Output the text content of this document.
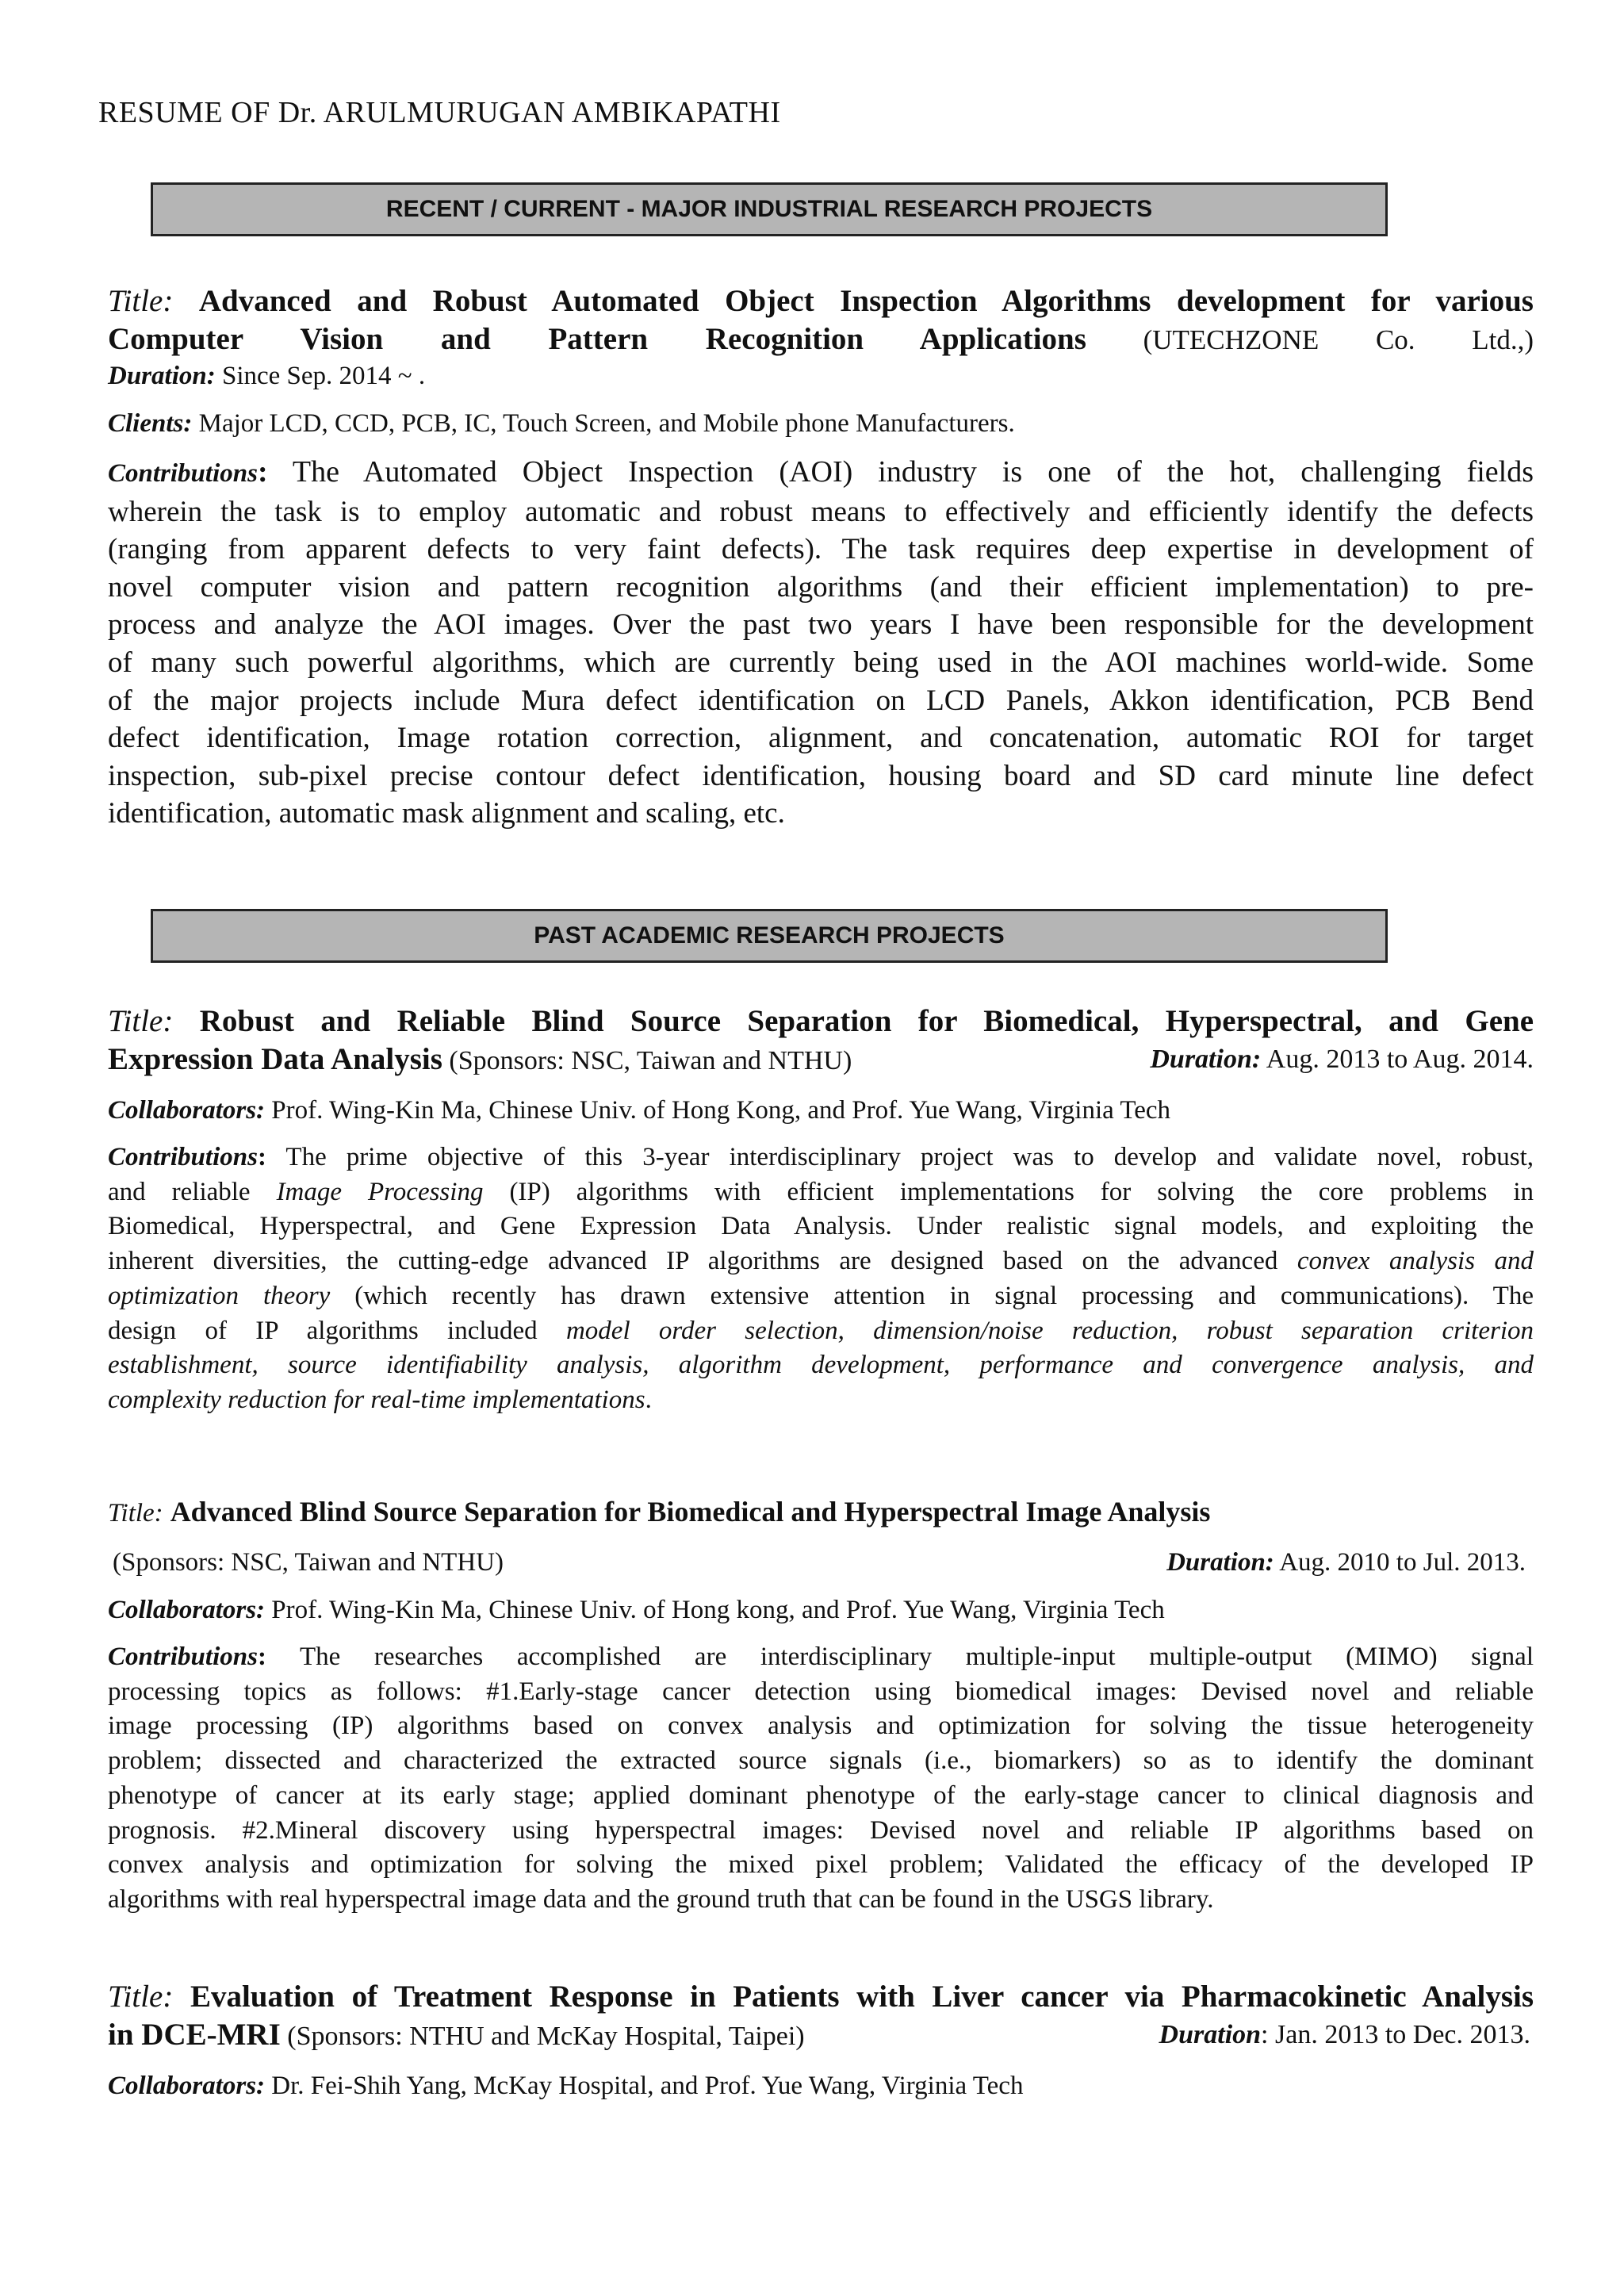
RESUME OF Dr. ARULMURUGAN AMBIKAPATHI
RECENT / CURRENT - MAJOR INDUSTRIAL RESEARCH PROJECTS

Title: Advanced and Robust Automated Object Inspection Algorithms development for various

Computer Vision and Pattern Recognition Applications (UTECHZONE Co. Ltd.,)

Duration: Since Sep. 2014 ~ .

Clients: Major LCD, CCD, PCB, IC, Touch Screen, and Mobile phone Manufacturers.

Contributions: The Automated Object Inspection (AOI) industry is one of the hot, challenging fields

wherein the task is to employ automatic and robust means to effectively and efficiently identify the defects

(ranging from apparent defects to very faint defects). The task requires deep expertise in development of

novel computer vision and pattern recognition algorithms (and their efficient implementation) to pre-

process and analyze the AOI images. Over the past two years I have been responsible for the development

of many such powerful algorithms, which are currently being used in the AOI machines world-wide. Some

of the major projects include Mura defect identification on LCD Panels, Akkon identification, PCB Bend

defect identification, Image rotation correction, alignment, and concatenation, automatic ROI for target

inspection, sub-pixel precise contour defect identification, housing board and SD card minute line defect

identification, automatic mask alignment and scaling, etc.

PAST ACADEMIC RESEARCH PROJECTS

Title: Robust and Reliable Blind Source Separation for Biomedical, Hyperspectral, and Gene

Expression Data Analysis (Sponsors: NSC, Taiwan and NTHU)	Duration: Aug. 2013 to Aug. 2014.

Collaborators: Prof. Wing-Kin Ma, Chinese Univ. of Hong Kong, and Prof. Yue Wang, Virginia Tech

Contributions: The prime objective of this 3-year interdisciplinary project was to develop and validate novel, robust,

and reliable Image Processing (IP) algorithms with efficient implementations for solving the core problems in

Biomedical, Hyperspectral, and Gene Expression Data Analysis. Under realistic signal models, and exploiting the

inherent diversities, the cutting-edge advanced IP algorithms are designed based on the advanced convex analysis and

optimization theory (which recently has drawn extensive attention in signal processing and communications). The

design of IP algorithms included model order selection, dimension/noise reduction, robust separation criterion

establishment, source identifiability analysis, algorithm development, performance and convergence analysis, and

complexity reduction for real-time implementations.

Title: Advanced Blind Source Separation for Biomedical and Hyperspectral Image Analysis

(Sponsors: NSC, Taiwan and NTHU)	Duration: Aug. 2010 to Jul. 2013.

Collaborators: Prof. Wing-Kin Ma, Chinese Univ. of Hong kong, and Prof. Yue Wang, Virginia Tech

Contributions: The researches accomplished are interdisciplinary multiple-input multiple-output (MIMO) signal

processing topics as follows: #1.Early-stage cancer detection using biomedical images: Devised novel and reliable

image processing (IP) algorithms based on convex analysis and optimization for solving the tissue heterogeneity

problem; dissected and characterized the extracted source signals (i.e., biomarkers) so as to identify the dominant

phenotype of cancer at its early stage; applied dominant phenotype of the early-stage cancer to clinical diagnosis and

prognosis. #2.Mineral discovery using hyperspectral images: Devised novel and reliable IP algorithms based on

convex analysis and optimization for solving the mixed pixel problem; Validated the efficacy of the developed IP

algorithms with real hyperspectral image data and the ground truth that can be found in the USGS library.

Title: Evaluation of Treatment Response in Patients with Liver cancer via Pharmacokinetic Analysis

in DCE-MRI (Sponsors: NTHU and McKay Hospital, Taipei)	Duration: Jan. 2013 to Dec. 2013.

Collaborators: Dr. Fei-Shih Yang, McKay Hospital, and Prof. Yue Wang, Virginia Tech
